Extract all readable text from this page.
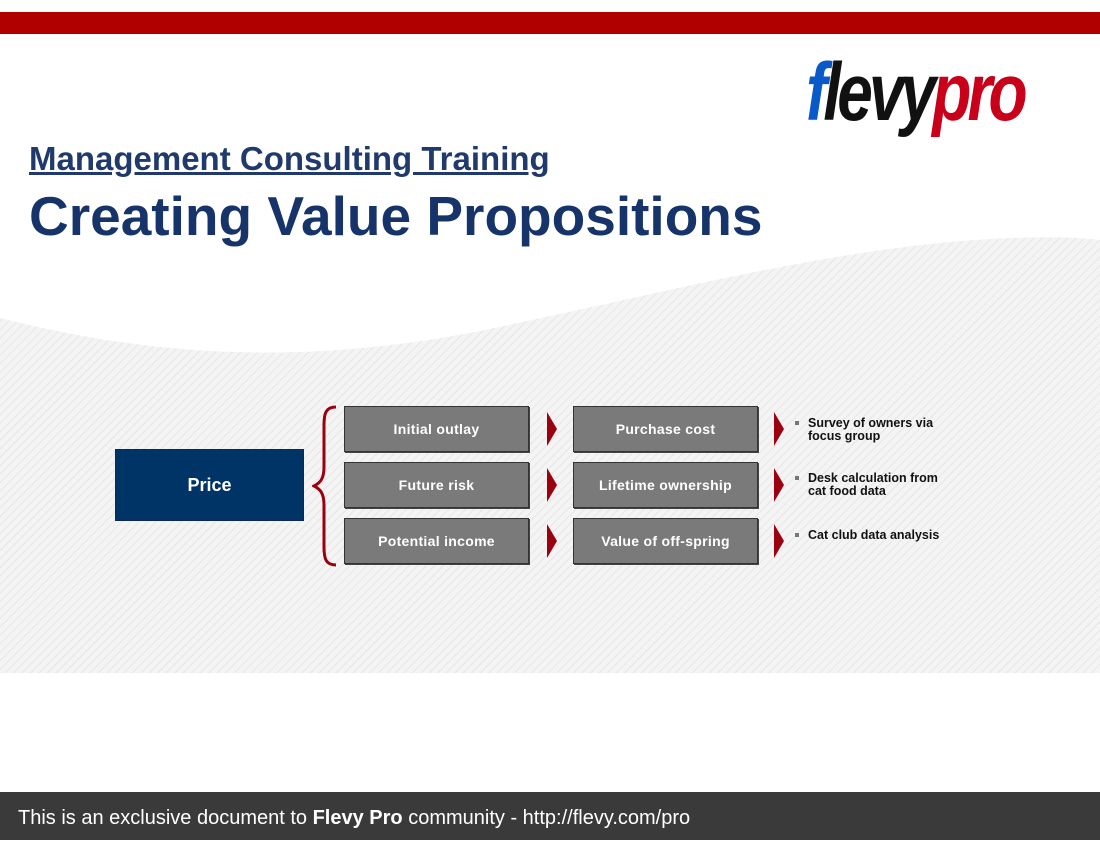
flevypro
Management Consulting Training
Creating Value Propositions
Price
Initial outlay	Purchase cost	Survey of owners via
focus group
Future risk	Lifetime ownership	Desk calculation from
cat food data
Potential income	Value of off-spring	Cat club data analysis
This is an exclusive document to Flevy Pro community - http://flevy.com/pro
